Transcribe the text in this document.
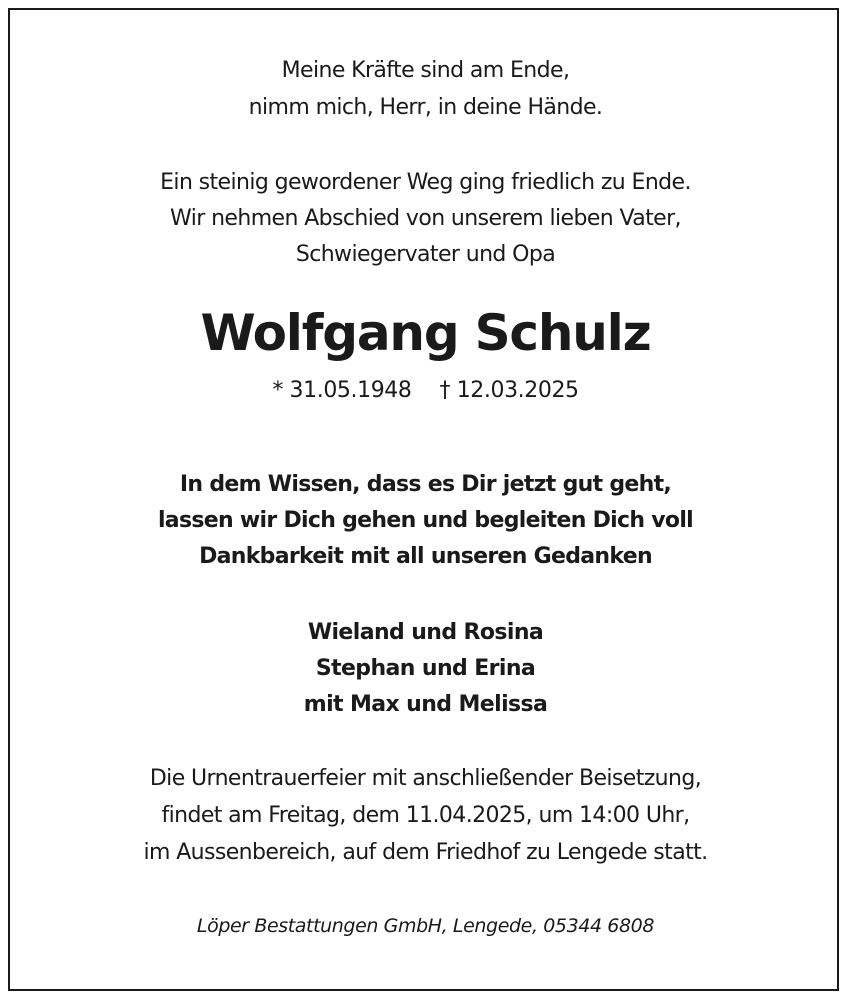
Meine Kräfte sind am Ende,
nimm mich, Herr, in deine Hände.
Ein steinig gewordener Weg ging friedlich zu Ende.
Wir nehmen Abschied von unserem lieben Vater,
Schwiegervater und Opa
Wolfgang Schulz
* 31.05.1948 † 12.03.2025
In dem Wissen, dass es Dir jetzt gut geht,
lassen wir Dich gehen und begleiten Dich voll
Dankbarkeit mit all unseren Gedanken
Wieland und Rosina
Stephan und Erina
mit Max und Melissa
Die Urnentrauerfeier mit anschließender Beisetzung,
findet am Freitag, dem 11.04.2025, um 14:00 Uhr,
im Aussenbereich, auf dem Friedhof zu Lengede statt.
Löper Bestattungen GmbH, Lengede, 05344 6808
